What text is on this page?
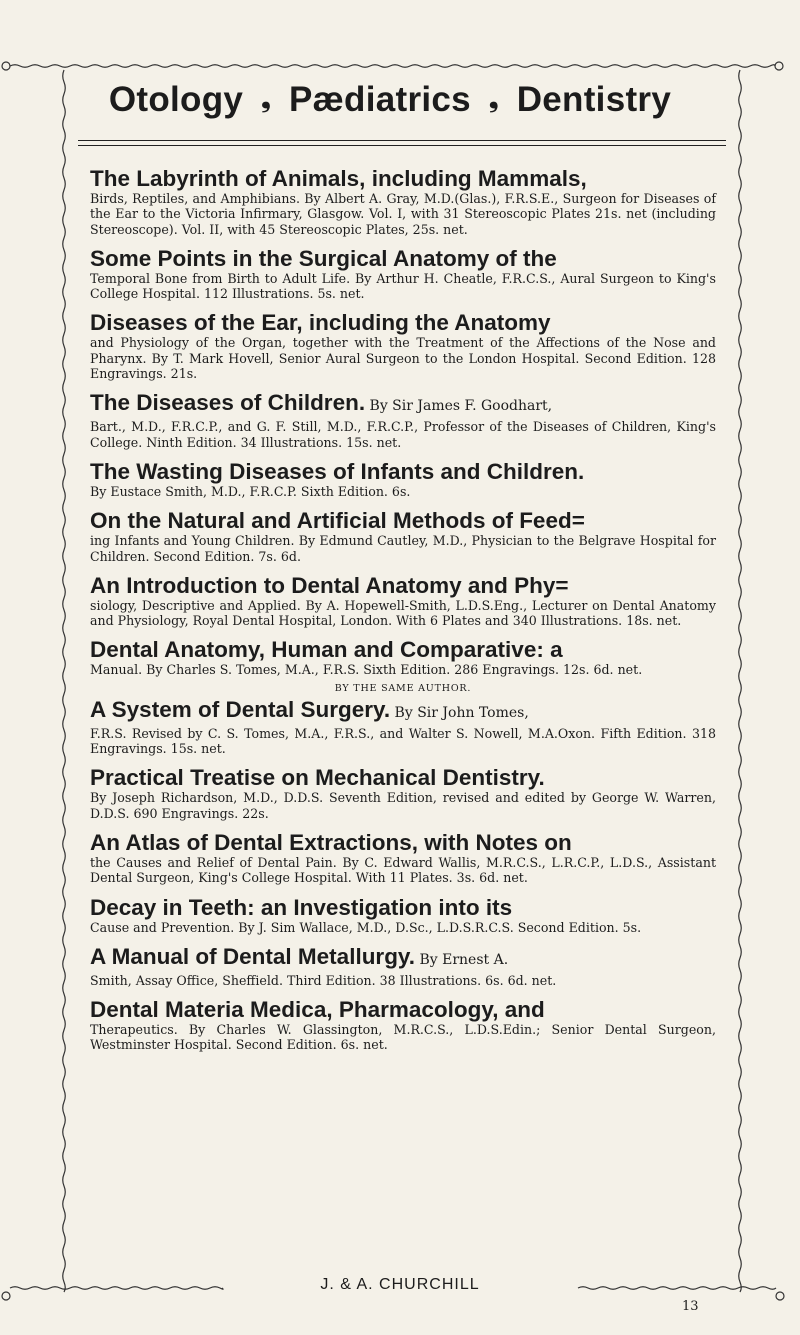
Otology ❟ Pædiatrics ❟ Dentistry
The Labyrinth of Animals, including Mammals,
Birds, Reptiles, and Amphibians. By Albert A. Gray, M.D.(Glas.), F.R.S.E., Surgeon for Diseases of the Ear to the Victoria Infirmary, Glasgow. Vol. I, with 31 Stereoscopic Plates 21s. net (including Stereoscope). Vol. II, with 45 Stereoscopic Plates, 25s. net.
Some Points in the Surgical Anatomy of the
Temporal Bone from Birth to Adult Life. By Arthur H. Cheatle, F.R.C.S., Aural Surgeon to King's College Hospital. 112 Illustrations. 5s. net.
Diseases of the Ear, including the Anatomy
and Physiology of the Organ, together with the Treatment of the Affections of the Nose and Pharynx. By T. Mark Hovell, Senior Aural Surgeon to the London Hospital. Second Edition. 128 Engravings. 21s.
The Diseases of Children. By Sir James F. Goodhart,
Bart., M.D., F.R.C.P., and G. F. Still, M.D., F.R.C.P., Professor of the Diseases of Children, King's College. Ninth Edition. 34 Illustrations. 15s. net.
The Wasting Diseases of Infants and Children.
By Eustace Smith, M.D., F.R.C.P. Sixth Edition. 6s.
On the Natural and Artificial Methods of Feed=
ing Infants and Young Children. By Edmund Cautley, M.D., Physician to the Belgrave Hospital for Children. Second Edition. 7s. 6d.
An Introduction to Dental Anatomy and Phy=
siology, Descriptive and Applied. By A. Hopewell-Smith, L.D.S.Eng., Lecturer on Dental Anatomy and Physiology, Royal Dental Hospital, London. With 6 Plates and 340 Illustrations. 18s. net.
Dental Anatomy, Human and Comparative: a
Manual. By Charles S. Tomes, M.A., F.R.S. Sixth Edition. 286 Engravings. 12s. 6d. net.
BY THE SAME AUTHOR.
A System of Dental Surgery. By Sir John Tomes,
F.R.S. Revised by C. S. Tomes, M.A., F.R.S., and Walter S. Nowell, M.A.Oxon. Fifth Edition. 318 Engravings. 15s. net.
Practical Treatise on Mechanical Dentistry.
By Joseph Richardson, M.D., D.D.S. Seventh Edition, revised and edited by George W. Warren, D.D.S. 690 Engravings. 22s.
An Atlas of Dental Extractions, with Notes on
the Causes and Relief of Dental Pain. By C. Edward Wallis, M.R.C.S., L.R.C.P., L.D.S., Assistant Dental Surgeon, King's College Hospital. With 11 Plates. 3s. 6d. net.
Decay in Teeth: an Investigation into its
Cause and Prevention. By J. Sim Wallace, M.D., D.Sc., L.D.S.R.C.S. Second Edition. 5s.
A Manual of Dental Metallurgy. By Ernest A.
Smith, Assay Office, Sheffield. Third Edition. 38 Illustrations. 6s. 6d. net.
Dental Materia Medica, Pharmacology, and
Therapeutics. By Charles W. Glassington, M.R.C.S., L.D.S.Edin.; Senior Dental Surgeon, Westminster Hospital. Second Edition. 6s. net.
J. & A. CHURCHILL
13
